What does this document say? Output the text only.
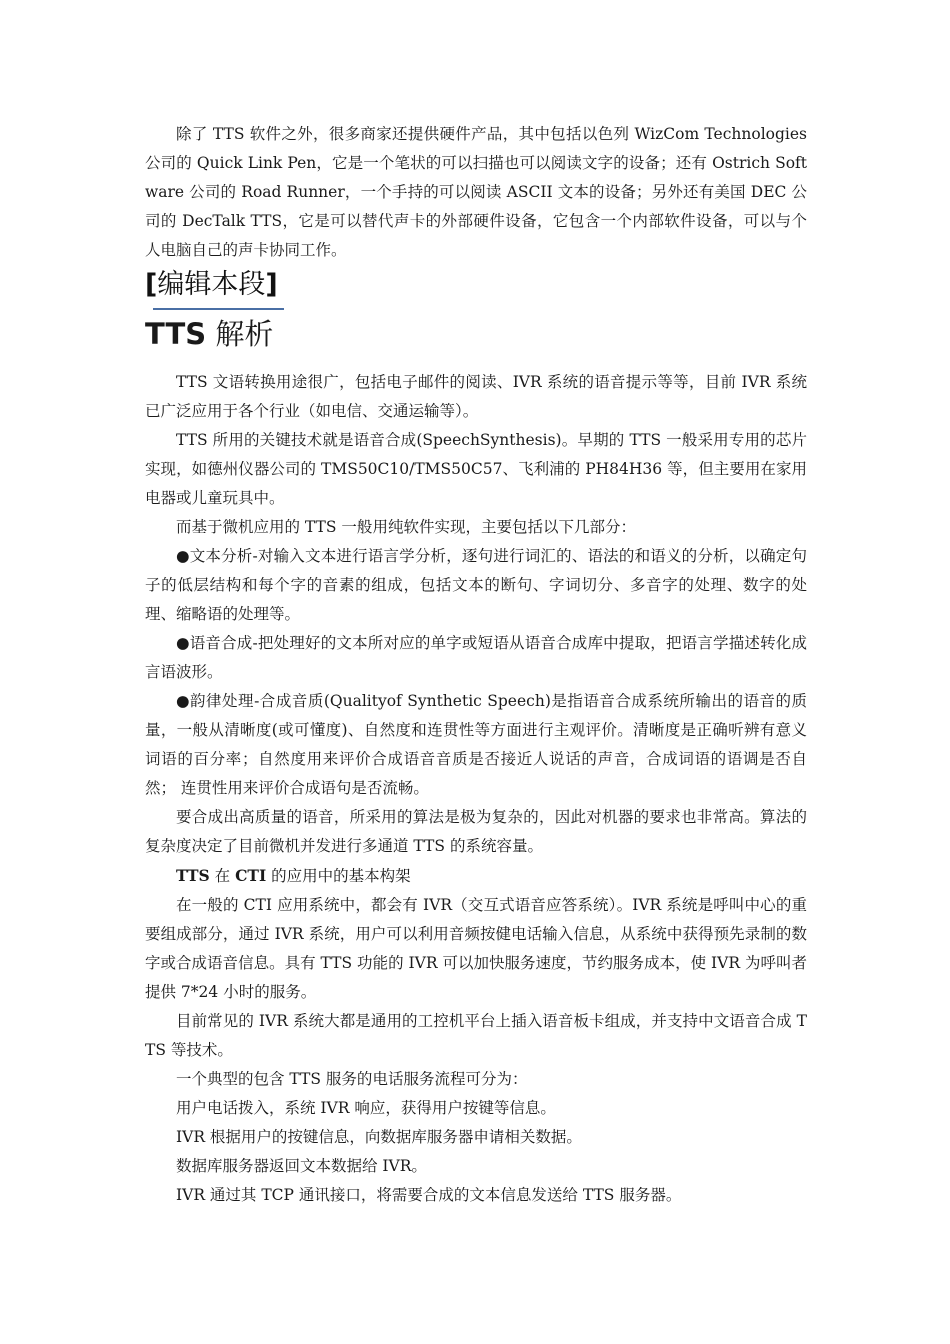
除了 TTS 软件之外，很多商家还提供硬件产品，其中包括以色列 WizCom Technologies 公司的 Quick Link Pen，它是一个笔状的可以扫描也可以阅读文字的设备；还有 Ostrich Software 公司的 Road Runner，一个手持的可以阅读 ASCII 文本的设备；另外还有美国 DEC 公司的 DecTalk TTS，它是可以替代声卡的外部硬件设备，它包含一个内部软件设备，可以与个人电脑自己的声卡协同工作。

[编辑本段]
TTS 解析

TTS 文语转换用途很广，包括电子邮件的阅读、IVR 系统的语音提示等等，目前 IVR 系统已广泛应用于各个行业（如电信、交通运输等）。

TTS 所用的关键技术就是语音合成(SpeechSynthesis)。早期的 TTS 一般采用专用的芯片实现，如德州仪器公司的 TMS50C10/TMS50C57、飞利浦的 PH84H36 等，但主要用在家用电器或儿童玩具中。

而基于微机应用的 TTS 一般用纯软件实现，主要包括以下几部分：

●文本分析-对输入文本进行语言学分析，逐句进行词汇的、语法的和语义的分析，以确定句子的低层结构和每个字的音素的组成，包括文本的断句、字词切分、多音字的处理、数字的处理、缩略语的处理等。

●语音合成-把处理好的文本所对应的单字或短语从语音合成库中提取，把语言学描述转化成言语波形。

●韵律处理-合成音质(Qualityof Synthetic Speech)是指语音合成系统所输出的语音的质量，一般从清晰度(或可懂度)、自然度和连贯性等方面进行主观评价。清晰度是正确听辨有意义词语的百分率；自然度用来评价合成语音音质是否接近人说话的声音，合成词语的语调是否自然； 连贯性用来评价合成语句是否流畅。

要合成出高质量的语音，所采用的算法是极为复杂的，因此对机器的要求也非常高。算法的复杂度决定了目前微机并发进行多通道 TTS 的系统容量。

TTS 在 CTI 的应用中的基本构架

在一般的 CTI 应用系统中，都会有 IVR（交互式语音应答系统）。IVR 系统是呼叫中心的重要组成部分，通过 IVR 系统，用户可以利用音频按健电话输入信息，从系统中获得预先录制的数字或合成语音信息。具有 TTS 功能的 IVR 可以加快服务速度，节约服务成本，使 IVR 为呼叫者提供 7*24 小时的服务。

目前常见的 IVR 系统大都是通用的工控机平台上插入语音板卡组成，并支持中文语音合成 TTS 等技术。

一个典型的包含 TTS 服务的电话服务流程可分为：

用户电话拨入，系统 IVR 响应，获得用户按键等信息。

IVR 根据用户的按键信息，向数据库服务器申请相关数据。

数据库服务器返回文本数据给 IVR。

IVR 通过其 TCP 通讯接口，将需要合成的文本信息发送给 TTS 服务器。
